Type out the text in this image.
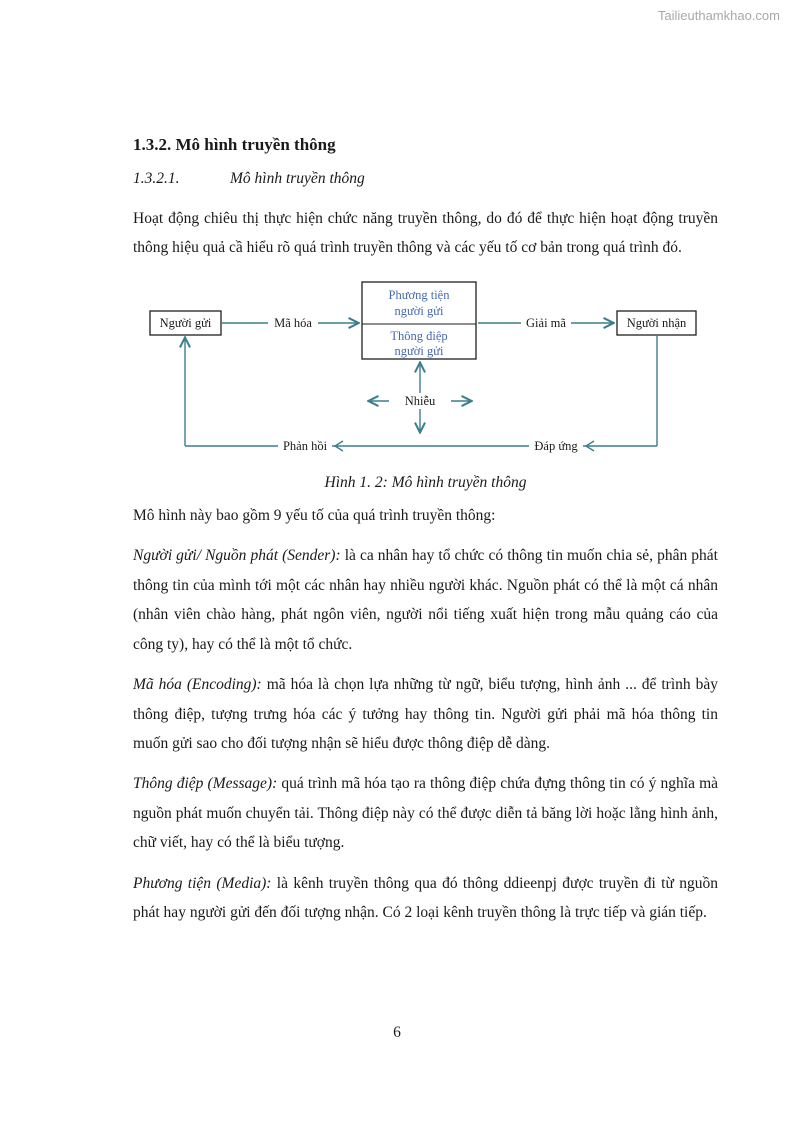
Tailieuthamkhao.com
1.3.2. Mô hình truyền thông
1.3.2.1.	Mô hình truyền thông

Hoạt động chiêu thị thực hiện chức năng truyền thông, do đó để thực hiện hoạt động truyền thông hiệu quả cầ hiểu rõ quá trình truyền thông và các yếu tố cơ bản trong quá trình đó.

Mã hóa	Giải mã
Nhiễu
Phản hồi	Đáp ứng
Người gửi
Phương tiện
người gửi
Thông điệp
người gửi
Người nhận
Hình 1. 2: Mô hình truyền thông

Mô hình này bao gồm 9 yếu tố của quá trình truyền thông:

Người gửi/ Nguồn phát (Sender): là ca nhân hay tổ chức có thông tin muốn chia sẻ, phân phát thông tin của mình tới một các nhân hay nhiều người khác. Nguồn phát có thể là một cá nhân (nhân viên chào hàng, phát ngôn viên, người nổi tiếng xuất hiện trong mẫu quảng cáo của công ty), hay có thể là một tổ chức.

Mã hóa (Encoding): mã hóa là chọn lựa những từ ngữ, biểu tượng, hình ảnh ... để trình bày thông điệp, tượng trưng hóa các ý tưởng hay thông tin. Người gửi phải mã hóa thông tin muốn gửi sao cho đối tượng nhận sẽ hiểu được thông điệp dễ dàng.

Thông điệp (Message): quá trình mã hóa tạo ra thông điệp chứa đựng thông tin có ý nghĩa mà nguồn phát muốn chuyển tải. Thông điệp này có thể được diễn tả băng lời hoặc lằng hình ảnh, chữ viết, hay có thể là biểu tượng.

Phương tiện (Media): là kênh truyền thông qua đó thông ddieenpj được truyền đi từ nguồn phát hay người gửi đến đối tượng nhận. Có 2 loại kênh truyền thông là trực tiếp và gián tiếp.

6
